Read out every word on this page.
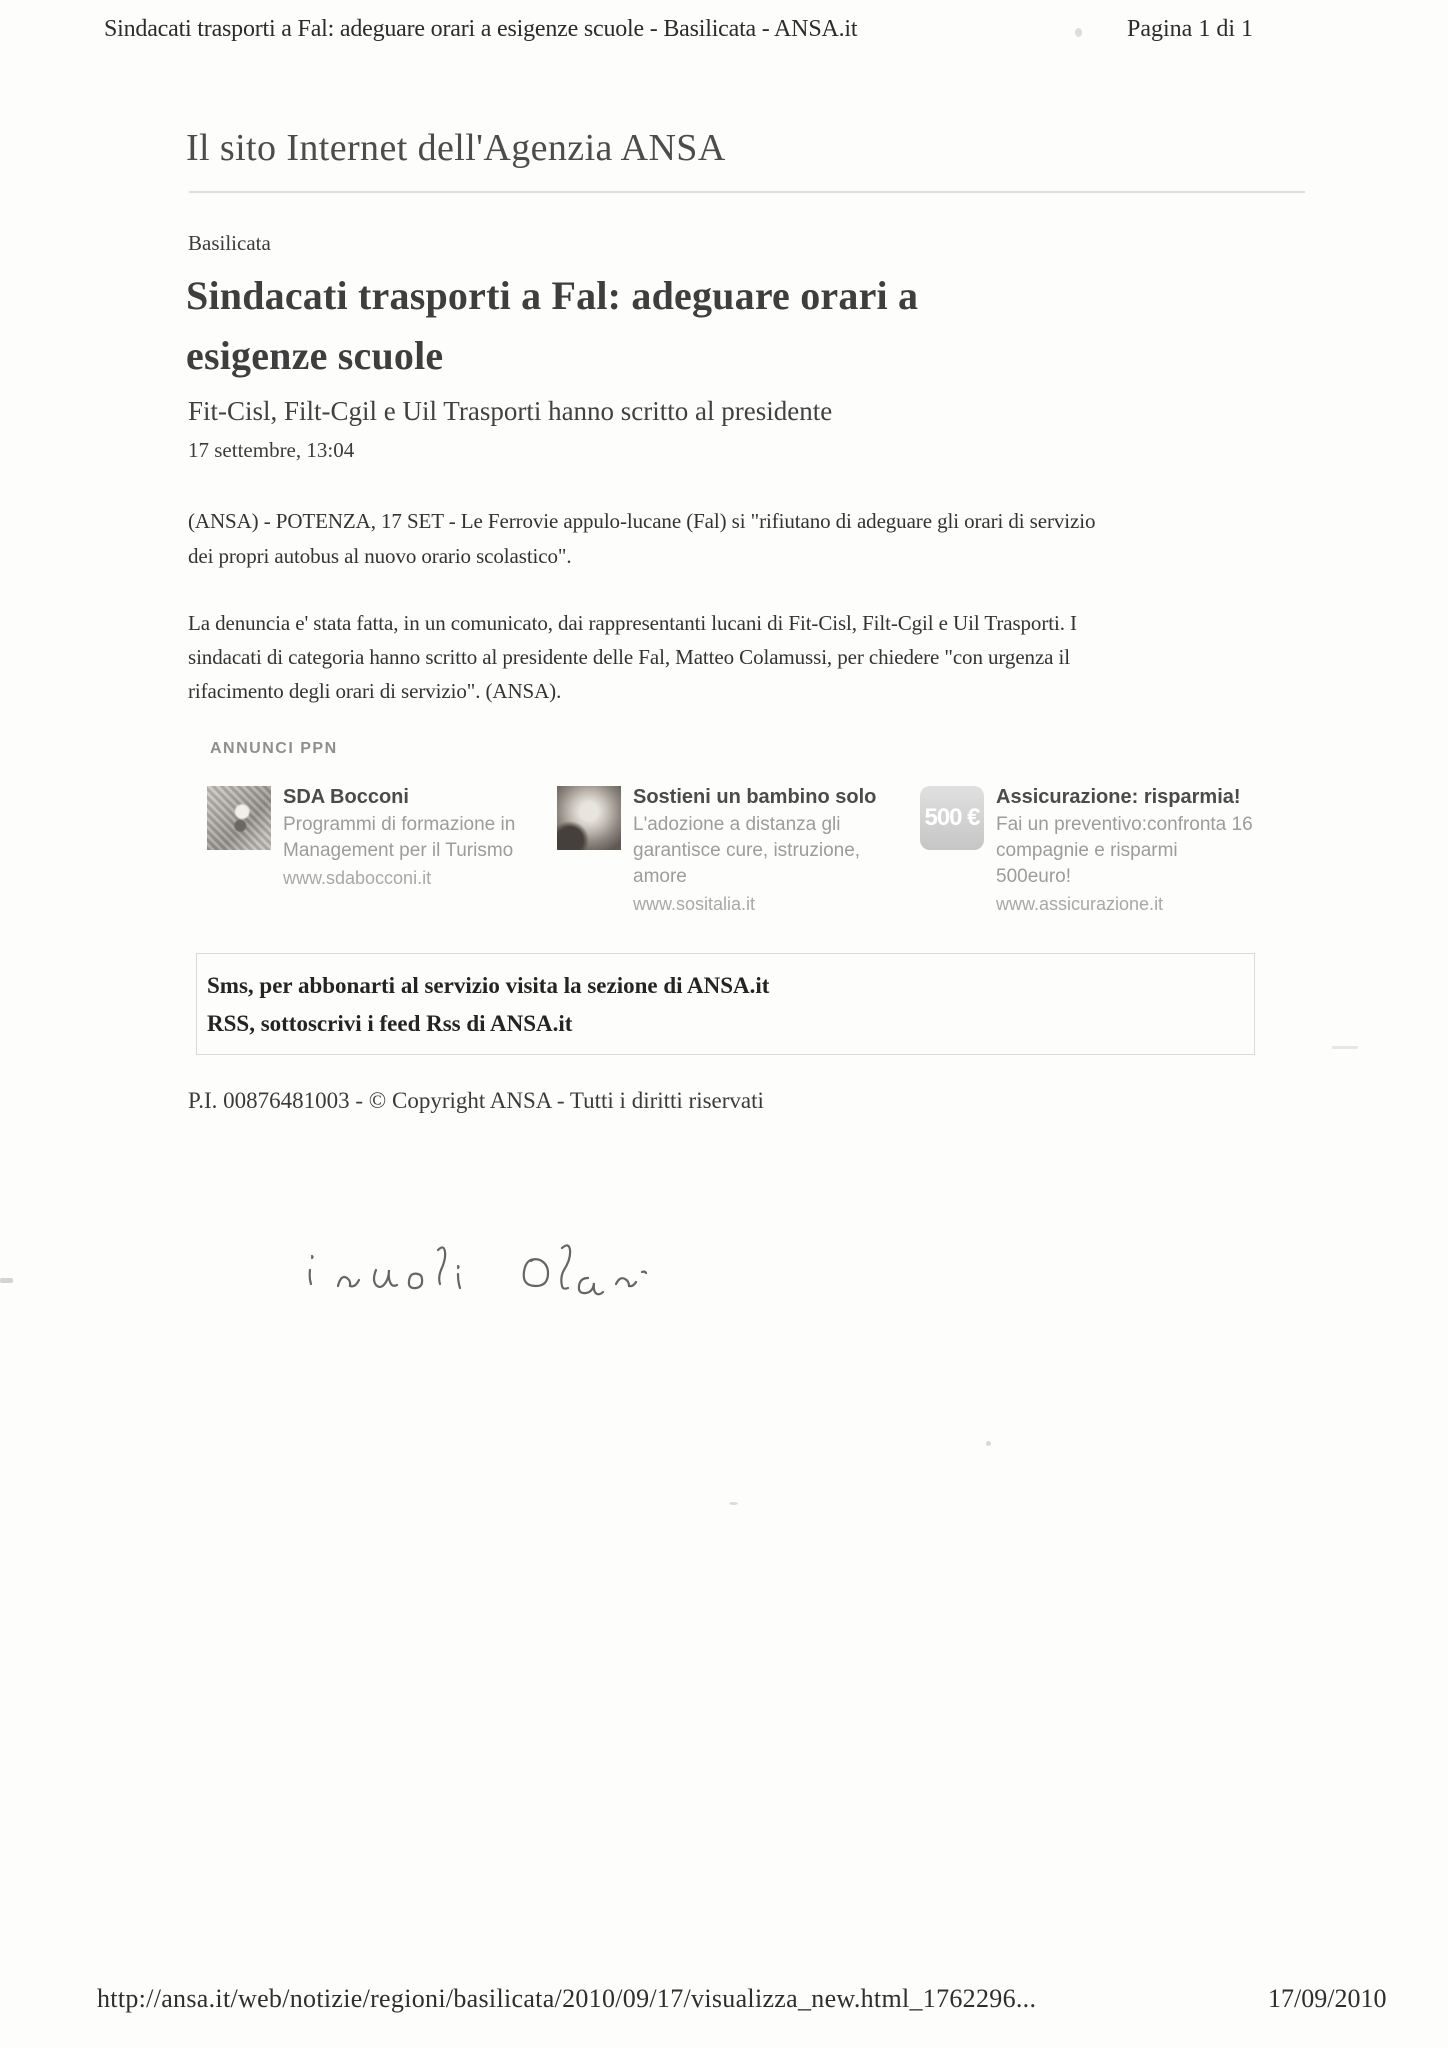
Sindacati trasporti a Fal: adeguare orari a esigenze scuole - Basilicata - ANSA.it	Pagina 1 di 1
Il sito Internet dell'Agenzia ANSA
Basilicata
Sindacati trasporti a Fal: adeguare orari a
esigenze scuole
Fit-Cisl, Filt-Cgil e Uil Trasporti hanno scritto al presidente
17 settembre, 13:04
(ANSA) - POTENZA, 17 SET - Le Ferrovie appulo-lucane (Fal) si "rifiutano di adeguare gli orari di servizio
dei propri autobus al nuovo orario scolastico".
La denuncia e' stata fatta, in un comunicato, dai rappresentanti lucani di Fit-Cisl, Filt-Cgil e Uil Trasporti. I
sindacati di categoria hanno scritto al presidente delle Fal, Matteo Colamussi, per chiedere "con urgenza il
rifacimento degli orari di servizio". (ANSA).
ANNUNCI PPN
SDA Bocconi
Programmi di formazione in
Management per il Turismo
www.sdabocconi.it
Sostieni un bambino solo
L'adozione a distanza gli
garantisce cure, istruzione,
amore
www.sositalia.it
500 €
Assicurazione: risparmia!
Fai un preventivo:confronta 16
compagnie e risparmi
500euro!
www.assicurazione.it
Sms, per abbonarti al servizio visita la sezione di ANSA.it
RSS, sottoscrivi i feed Rss di ANSA.it
P.I. 00876481003 - © Copyright ANSA - Tutti i diritti riservati
http://ansa.it/web/notizie/regioni/basilicata/2010/09/17/visualizza_new.html_1762296...	17/09/2010
